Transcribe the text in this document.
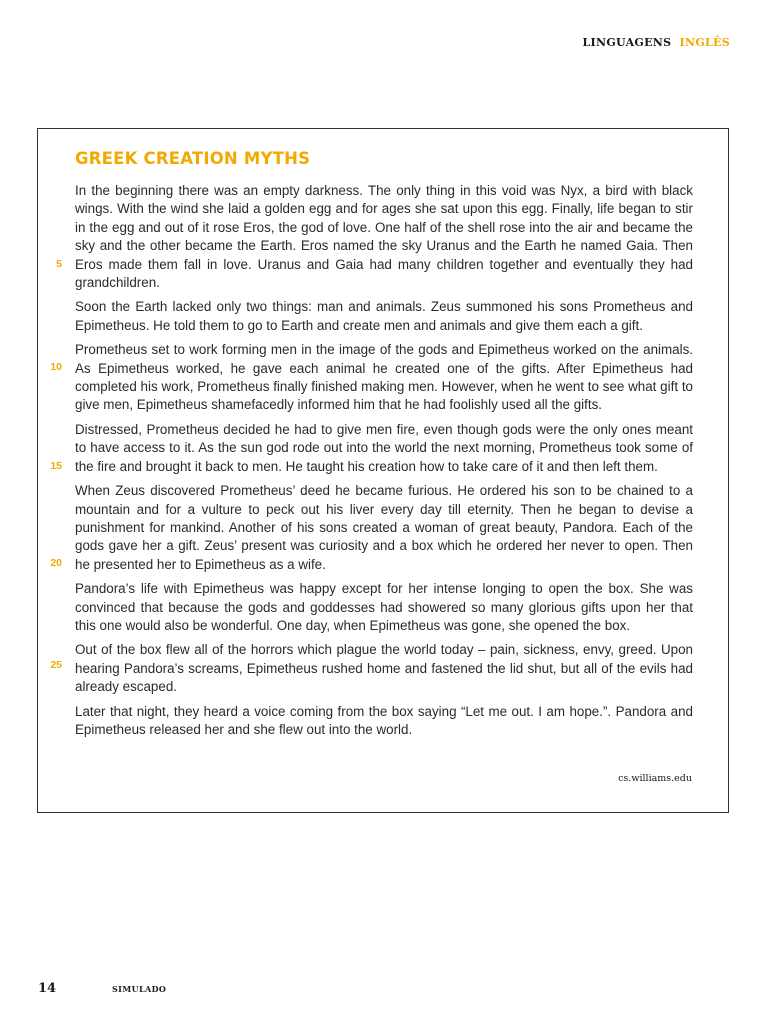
LINGUAGENS INGLÊS
GREEK CREATION MYTHS
5
10
15
20
25

In the beginning there was an empty darkness. The only thing in this void was Nyx, a bird with black wings. With the wind she laid a golden egg and for ages she sat upon this egg. Finally, life began to stir in the egg and out of it rose Eros, the god of love. One half of the shell rose into the air and became the sky and the other became the Earth. Eros named the sky Uranus and the Earth he named Gaia. Then Eros made them fall in love. Uranus and Gaia had many children together and eventually they had grandchildren.

Soon the Earth lacked only two things: man and animals. Zeus summoned his sons Prometheus and Epimetheus. He told them to go to Earth and create men and animals and give them each a gift.

Prometheus set to work forming men in the image of the gods and Epimetheus worked on the animals. As Epimetheus worked, he gave each animal he created one of the gifts. After Epimetheus had completed his work, Prometheus finally finished making men. However, when he went to see what gift to give men, Epimetheus shamefacedly informed him that he had foolishly used all the gifts.

Distressed, Prometheus decided he had to give men fire, even though gods were the only ones meant to have access to it. As the sun god rode out into the world the next morning, Prometheus took some of the fire and brought it back to men. He taught his creation how to take care of it and then left them.

When Zeus discovered Prometheus’ deed he became furious. He ordered his son to be chained to a mountain and for a vulture to peck out his liver every day till eternity. Then he began to devise a punishment for mankind. Another of his sons created a woman of great beauty, Pandora. Each of the gods gave her a gift. Zeus’ present was curiosity and a box which he ordered her never to open. Then he presented her to Epimetheus as a wife.

Pandora’s life with Epimetheus was happy except for her intense longing to open the box. She was convinced that because the gods and goddesses had showered so many glorious gifts upon her that this one would also be wonderful. One day, when Epimetheus was gone, she opened the box.

Out of the box flew all of the horrors which plague the world today – pain, sickness, envy, greed. Upon hearing Pandora’s screams, Epimetheus rushed home and fastened the lid shut, but all of the evils had already escaped.

Later that night, they heard a voice coming from the box saying “Let me out. I am hope.”. Pandora and Epimetheus released her and she flew out into the world.

cs.williams.edu
14	SIMULADO
